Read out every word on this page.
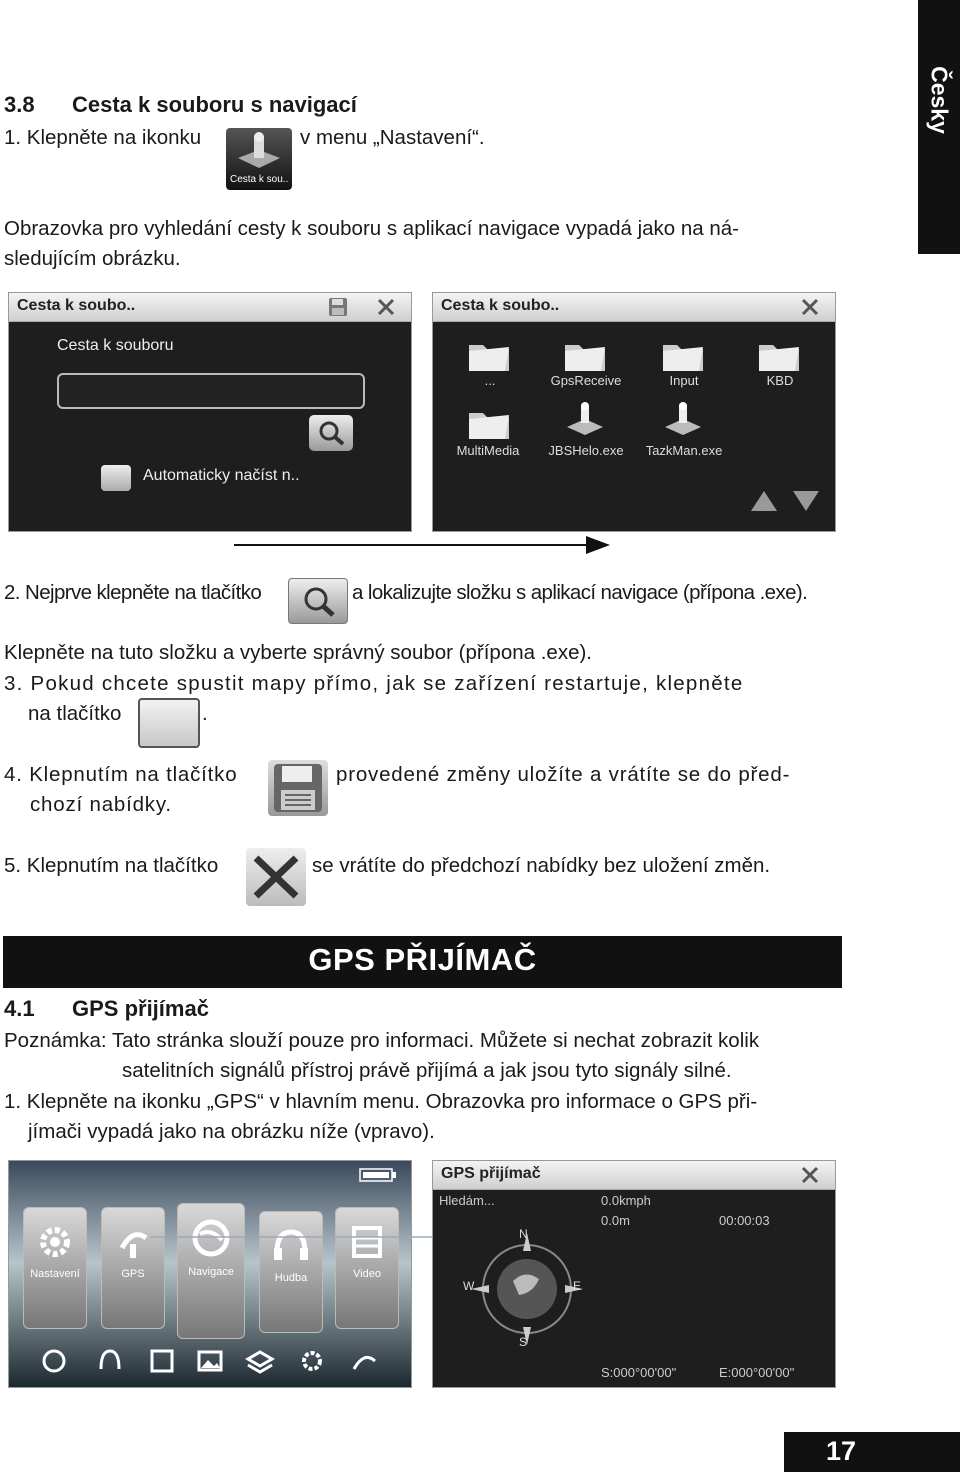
Česky
3.8 Cesta k souboru s navigací
1. Klepněte na ikonku
Cesta k sou..
v menu „Nastavení“.
Obrazovka pro vyhledání cesty k souboru s aplikací navigace vypadá jako na ná-
sledujícím obrázku.
Cesta k soubo..
Cesta k souboru
Automaticky načíst n..
Cesta k soubo..
...	GpsReceive	Input	KBD
MultiMedia	JBSHelo.exe	TazkMan.exe
2. Nejprve klepněte na tlačítko	a lokalizujte složku s aplikací navigace (přípona .exe).
Klepněte na tuto složku a vyberte správný soubor (přípona .exe).
3. Pokud chcete spustit mapy přímo, jak se zařízení restartuje, klepněte
na tlačítko	.
4. Klepnutím na tlačítko	provedené změny uložíte a vrátíte se do před-
chozí nabídky.
5. Klepnutím na tlačítko	se vrátíte do předchozí nabídky bez uložení změn.
GPS PŘIJÍMAČ
4.1 GPS přijímač
Poznámka: Tato stránka slouží pouze pro informaci. Můžete si nechat zobrazit kolik
satelitních signálů přístroj právě přijímá a jak jsou tyto signály silné.
1. Klepněte na ikonku „GPS“ v hlavním menu. Obrazovka pro informace o GPS při-
jímači vypadá jako na obrázku níže (vpravo).
Nastavení	GPS	Navigace	Hudba	Video
GPS přijímač
Hledám...	0.0kmph
0.0m	00:00:03
N
S
W	E
S:000°00'00"	E:000°00'00"
17
